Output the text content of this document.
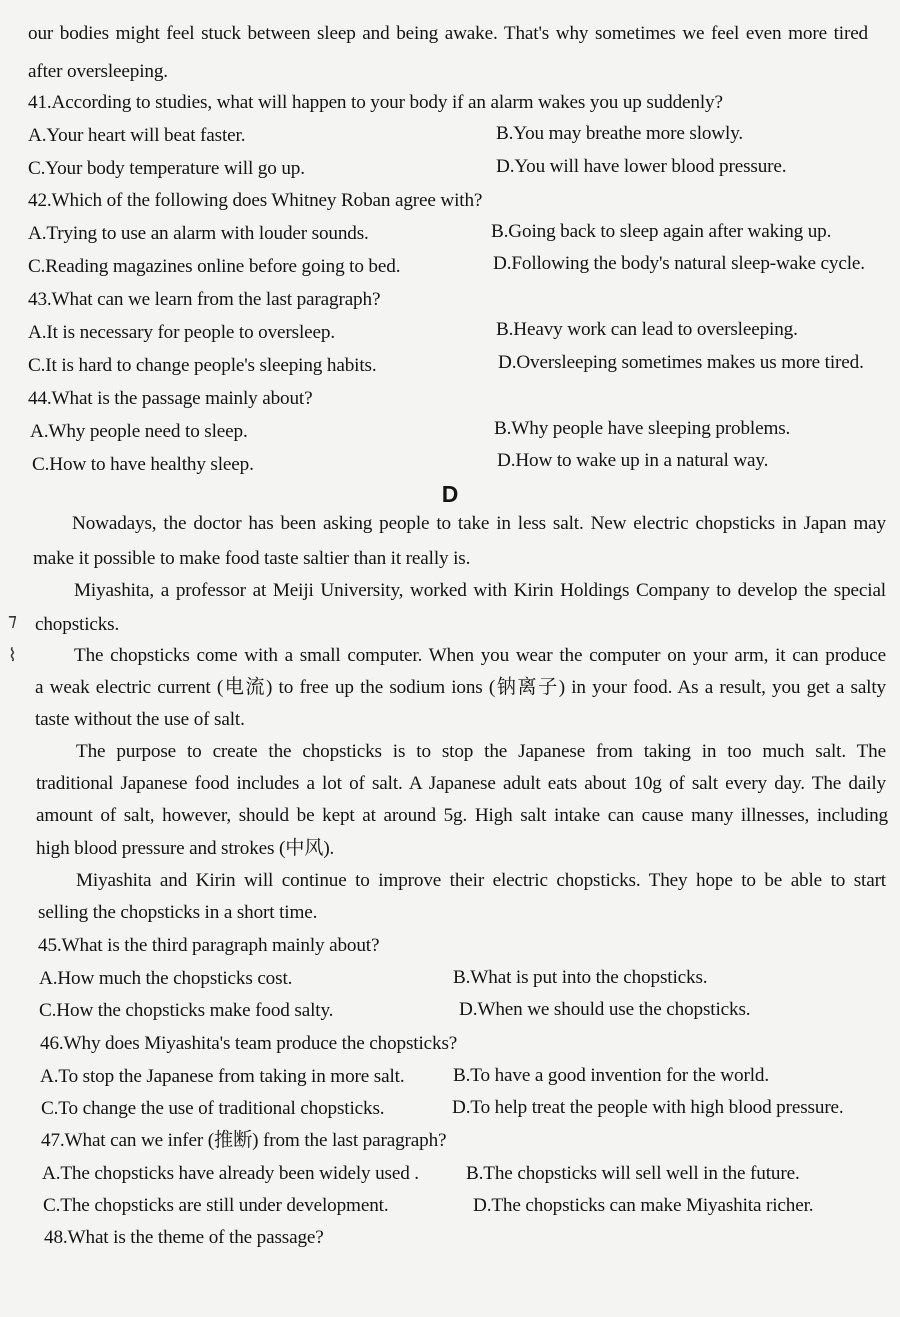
⁊
⌇
our bodies might feel stuck between sleep and being awake. That's why sometimes we feel even more tired
after oversleeping.
41.According to studies, what will happen to your body if an alarm wakes you up suddenly?
A.Your heart will beat faster.	B.You may breathe more slowly.
C.Your body temperature will go up.	D.You will have lower blood pressure.
42.Which of the following does Whitney Roban agree with?
A.Trying to use an alarm with louder sounds.	B.Going back to sleep again after waking up.
C.Reading magazines online before going to bed.	D.Following the body's natural sleep-wake cycle.
43.What can we learn from the last paragraph?
A.It is necessary for people to oversleep.	B.Heavy work can lead to oversleeping.
C.It is hard to change people's sleeping habits.	D.Oversleeping sometimes makes us more tired.
44.What is the passage mainly about?
A.Why people need to sleep.	B.Why people have sleeping problems.
C.How to have healthy sleep.	D.How to wake up in a natural way.
D
Nowadays, the doctor has been asking people to take in less salt. New electric chopsticks in Japan may
make it possible to make food taste saltier than it really is.
Miyashita, a professor at Meiji University, worked with Kirin Holdings Company to develop the special
chopsticks.
The chopsticks come with a small computer. When you wear the computer on your arm, it can produce
a weak electric current (电流) to free up the sodium ions (钠离子) in your food. As a result, you get a salty
taste without the use of salt.
The purpose to create the chopsticks is to stop the Japanese from taking in too much salt. The
traditional Japanese food includes a lot of salt. A Japanese adult eats about 10g of salt every day. The daily
amount of salt, however, should be kept at around 5g. High salt intake can cause many illnesses, including
high blood pressure and strokes (中风).
Miyashita and Kirin will continue to improve their electric chopsticks. They hope to be able to start
selling the chopsticks in a short time.
45.What is the third paragraph mainly about?
A.How much the chopsticks cost.	B.What is put into the chopsticks.
C.How the chopsticks make food salty.	D.When we should use the chopsticks.
46.Why does Miyashita's team produce the chopsticks?
A.To stop the Japanese from taking in more salt.	B.To have a good invention for the world.
C.To change the use of traditional chopsticks.	D.To help treat the people with high blood pressure.
47.What can we infer (推断) from the last paragraph?
A.The chopsticks have already been widely used . B.The chopsticks will sell well in the future.
C.The chopsticks are still under development.	D.The chopsticks can make Miyashita richer.
48.What is the theme of the passage?
